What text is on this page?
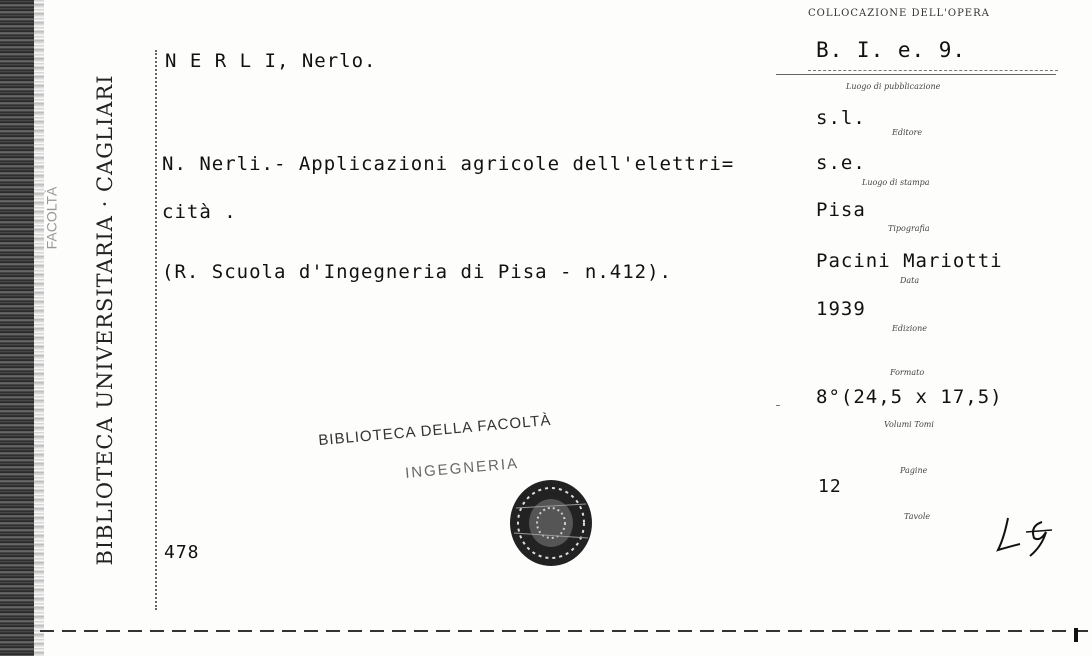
BIBLIOTECA UNIVERSITARIA · CAGLIARI
FACOLTÀ
COLLOCAZIONE DELL'OPERA
B. I. e. 9.
N E R L I, Nerlo.
N. Nerli.- Applicazioni agricole dell'elettri=
cità .
(R. Scuola d'Ingegneria di Pisa - n.412).
478
Luogo di pubblicazione
s.l.
Editore
s.e.
Luogo di stampa
Pisa
Tipografia
Pacini Mariotti
Data
1939
Edizione
Formato
8°(24,5 x 17,5)
Volumi Tomi
Pagine
12
Tavole
BIBLIOTECA DELLA FACOLTÀ
INGEGNERIA
